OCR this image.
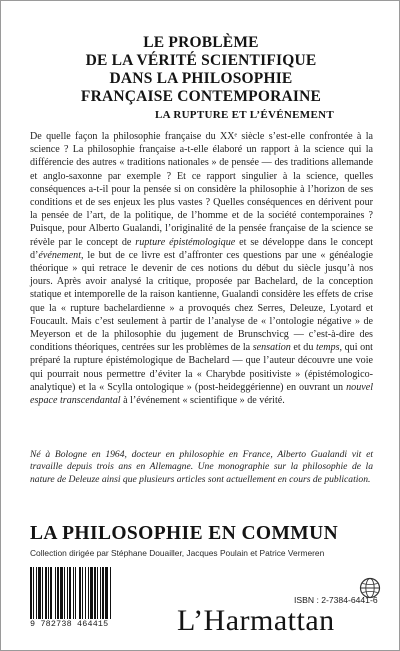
LE PROBLÈME
DE LA VÉRITÉ SCIENTIFIQUE
DANS LA PHILOSOPHIE
FRANÇAISE CONTEMPORAINE
LA RUPTURE ET L’ÉVÉNEMENT

De quelle façon la philosophie française du XXᵉ siècle s’est-elle confrontée à la science ? La philosophie française a-t-elle élaboré un rapport à la science qui la différencie des autres « traditions nationales » de pensée — des traditions allemande et anglo-saxonne par exemple ? Et ce rapport singulier à la science, quelles conséquences a-t-il pour la pensée si on considère la philosophie à l’horizon de ses conditions et de ses enjeux les plus vastes ? Quelles conséquences en dérivent pour la pensée de l’art, de la politique, de l’homme et de la société contemporaines ? Puisque, pour Alberto Gualandi, l’originalité de la pensée française de la science se révèle par le concept de rupture épistémologique et se développe dans le concept d’événement, le but de ce livre est d’affronter ces questions par une « généalogie théorique » qui retrace le devenir de ces notions du début du siècle jusqu’à nos jours. Après avoir analysé la critique, proposée par Bachelard, de la conception statique et intemporelle de la raison kantienne, Gualandi considère les effets de crise que la « rupture bachelardienne » a provoqués chez Serres, Deleuze, Lyotard et Foucault. Mais c’est seulement à partir de l’analyse de « l’ontologie négative » de Meyerson et de la philosophie du jugement de Brunschvicg — c’est-à-dire des conditions théoriques, centrées sur les problèmes de la sensation et du temps, qui ont préparé la rupture épistémologique de Bachelard — que l’auteur découvre une voie qui pourrait nous permettre d’éviter la « Charybde positiviste » (épistémologico-analytique) et la « Scylla ontologique » (post-heideggérienne) en ouvrant un nouvel espace transcendantal à l’événement « scientifique » de vérité.

Né à Bologne en 1964, docteur en philosophie en France, Alberto Gualandi vit et travaille depuis trois ans en Allemagne. Une monographie sur la philosophie de la nature de Deleuze ainsi que plusieurs articles sont actuellement en cours de publication.

LA PHILOSOPHIE EN COMMUN
Collection dirigée par Stéphane Douailler, Jacques Poulain et Patrice Vermeren
9 782738 464415 L’Harmattan
ISBN : 2-7384-6441-6
